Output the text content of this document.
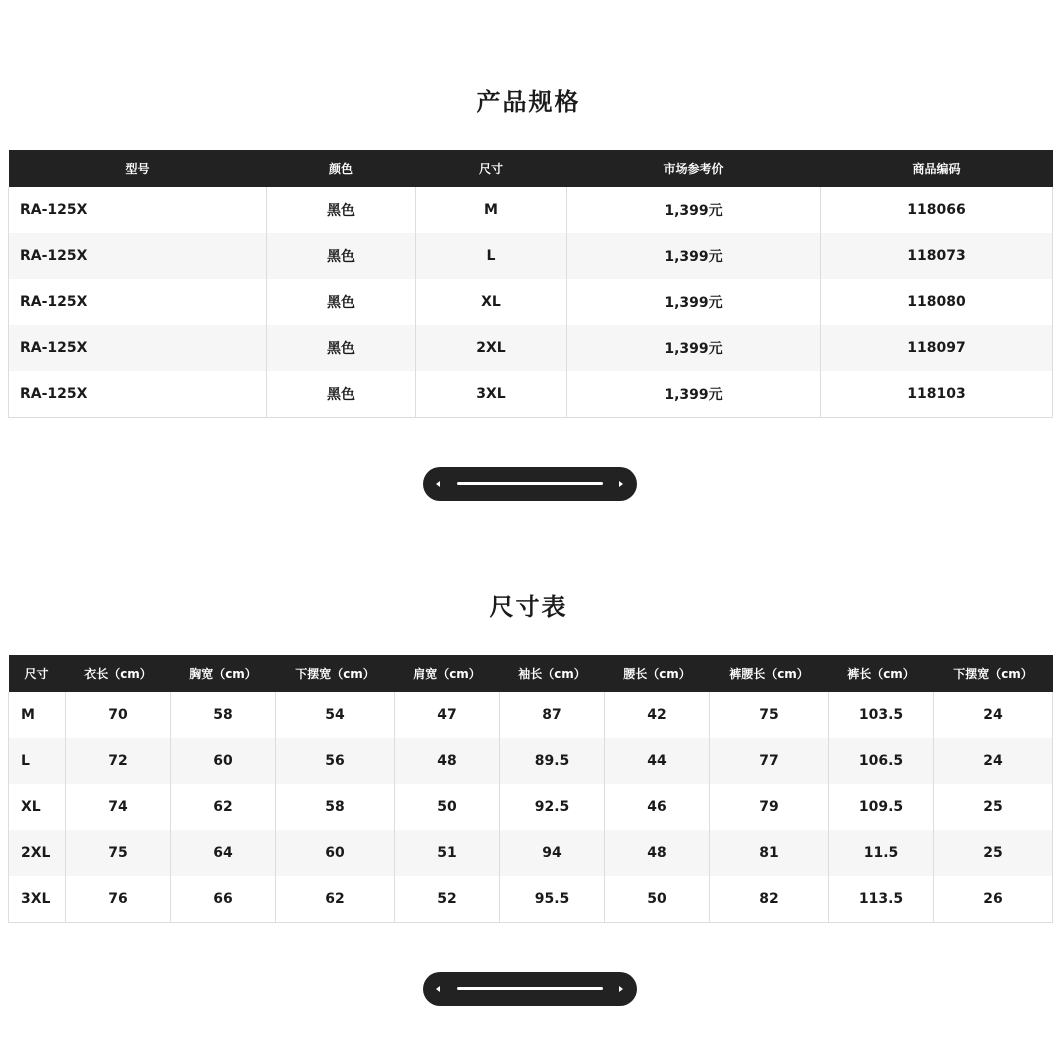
产品规格
型号	颜色	尺寸	市场参考价	商品编码
RA-125X	黑色	M	1,399元	118066
RA-125X	黑色	L	1,399元	118073
RA-125X	黑色	XL	1,399元	118080
RA-125X	黑色	2XL	1,399元	118097
RA-125X	黑色	3XL	1,399元	118103
尺寸表
尺寸	衣长（cm）	胸宽（cm）	下摆宽（cm）	肩宽（cm）	袖长（cm）	腰长（cm）	裤腰长（cm）	裤长（cm）	下摆宽（cm）
M	70	58	54	47	87	42	75	103.5	24
L	72	60	56	48	89.5	44	77	106.5	24
XL	74	62	58	50	92.5	46	79	109.5	25
2XL	75	64	60	51	94	48	81	11.5	25
3XL	76	66	62	52	95.5	50	82	113.5	26
